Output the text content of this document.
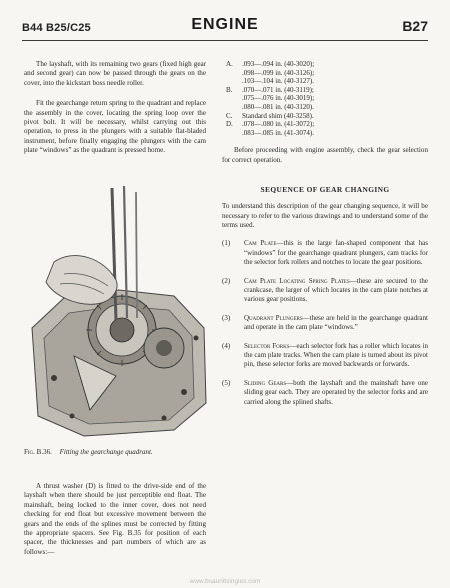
B44 B25/C25	ENGINE	B27

The layshaft, with its remaining two gears (fixed high gear and second gear) can now be passed through the gears on the cover, into the kickstart boss needle roller.

Fit the gearchange return spring to the quadrant and replace the assembly in the cover, locating the spring loop over the pivot bolt. It will be necessary, whilst carrying out this operation, to press in the plungers with a suitable flat-bladed instrument, before finally engaging the plungers with the cam plate “windows” as the quadrant is pressed home.

Fig. B.36. Fitting the gearchange quadrant.

A thrust washer (D) is fitted to the drive-side end of the layshaft when there should be just perceptible end float. The mainshaft, being locked to the inner cover, does not need checking for end float but excessive movement between the gears and the ends of the splines must be corrected by fitting the appropriate spacers. See Fig. B.35 for position of each spacer, the thicknesses and part numbers of which are as follows:—

A.	.093—.094 in. (40-3020);
.098—.099 in. (40-3126);
.103—.104 in. (40-3127).
B.	.070—.071 in. (40-3119);
.075—.076 in. (40-3019);
.080—.081 in. (40-3120).
C.	Standard shim (40-3258).
D.	.078—.080 in. (41-3072);
.083—.085 in. (41-3074).

Before proceeding with engine assembly, check the gear selection for correct operation.

SEQUENCE OF GEAR CHANGING

To understand this description of the gear changing sequence, it will be necessary to refer to the various drawings and to understand some of the terms used.

(1)	Cam Plate—this is the large fan-shaped component that has “windows” for the gearchange quadrant plungers, cam tracks for the selector fork rollers and notches to locate the gear positions.
(2)	Cam Plate Locating Spring Plates—these are secured to the crankcase, the larger of which locates in the cam plate notches at various gear positions.
(3)	Quadrant Plungers—these are held in the gearchange quadrant and operate in the cam plate “windows.”
(4)	Selector Forks—each selector fork has a roller which locates in the cam plate tracks. When the cam plate is turned about its pivot pin, these selector forks are moved backwards or forwards.
(5)	Sliding Gears—both the layshaft and the mainshaft have one sliding gear each. They are operated by the selector forks and are carried along the splined shafts.
www.bsaunitsingles.com
